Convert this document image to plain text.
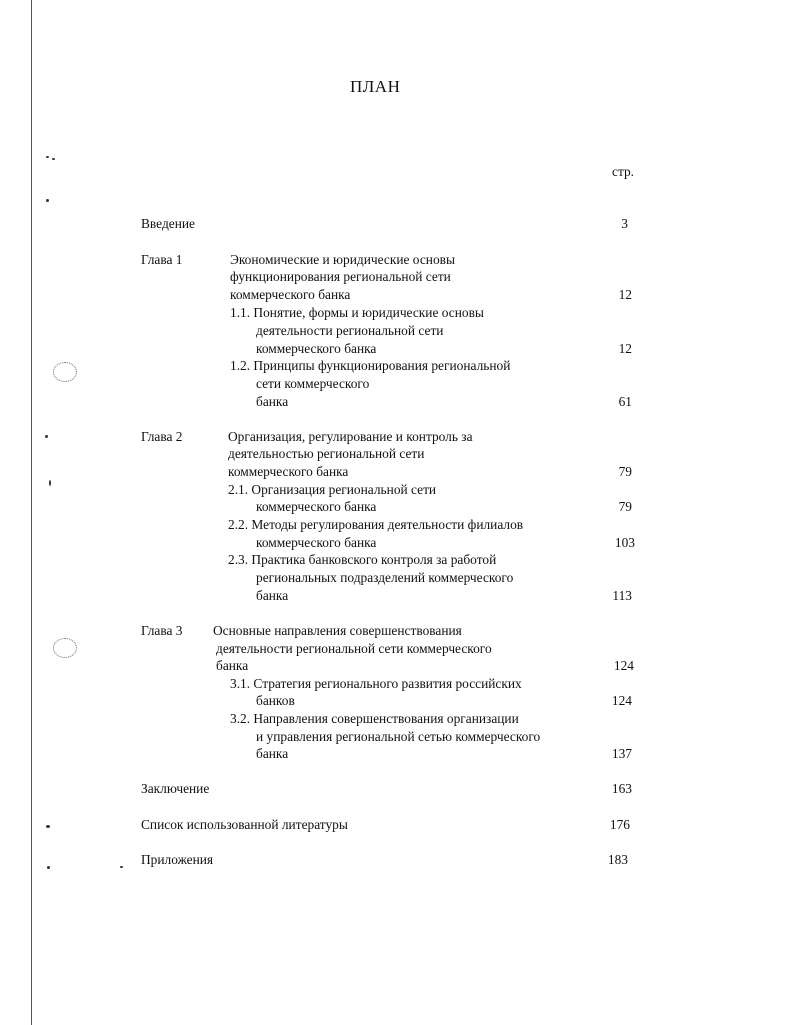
ПЛАН
стр.
Введение	3
Глава 1	Экономические и юридические основы
функционирования региональной сети
коммерческого банка	12
1.1. Понятие, формы и юридические основы
деятельности региональной сети
коммерческого банка	12
1.2. Принципы функционирования региональной
сети коммерческого
банка	61
Глава 2	Организация, регулирование и контроль за
деятельностью региональной сети
коммерческого банка	79
2.1. Организация региональной сети
коммерческого банка	79
2.2. Методы регулирования деятельности филиалов
коммерческого банка	103
2.3. Практика банковского контроля за работой
региональных подразделений коммерческого
банка	113
Глава 3 Основные направления совершенствования
деятельности региональной сети коммерческого
банка	124
3.1. Стратегия регионального развития российских
банков	124
3.2. Направления совершенствования организации
и управления региональной сетью коммерческого
банка	137
Заключение	163
Список использованной литературы	176
Приложения	183
